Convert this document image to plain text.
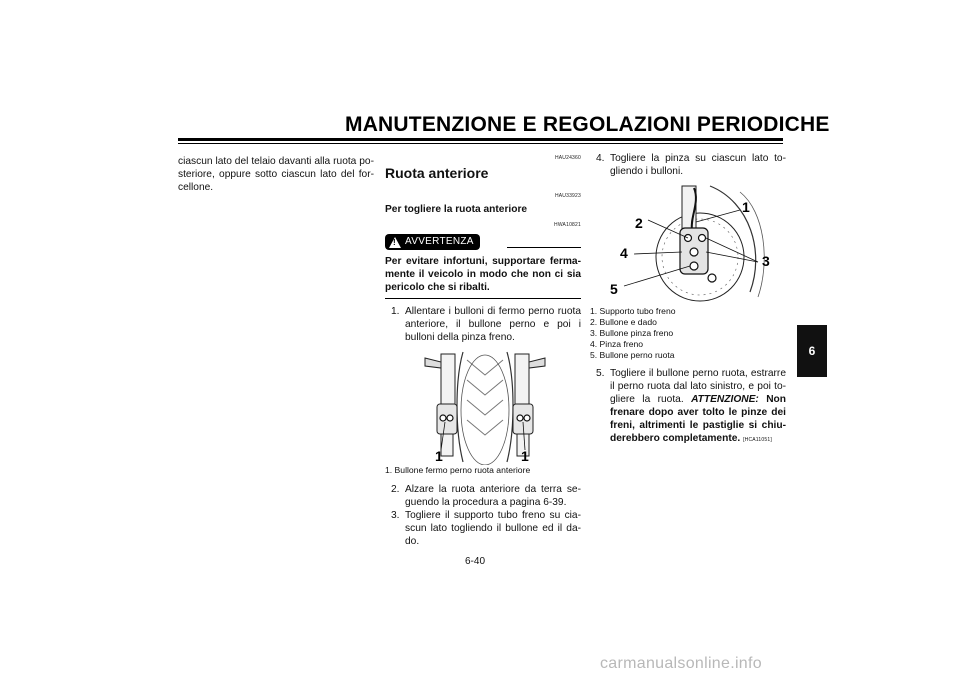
MANUTENZIONE E REGOLAZIONI PERIODICHE
ciascun lato del telaio davanti alla ruota po-steriore, oppure sotto ciascun lato del for-cellone.
HAU24360
Ruota anteriore
HAU33923
Per togliere la ruota anteriore
HWA10821
!
AVVERTENZA
Per evitare infortuni, supportare ferma-mente il veicolo in modo che non ci sia pericolo che si ribalti.
1. Allentare i bulloni di fermo perno ruota anteriore, il bullone perno e poi i bulloni della pinza freno.
1	1
1. Bullone fermo perno ruota anteriore
2. Alzare la ruota anteriore da terra se-guendo la procedura a pagina 6-39.
3. Togliere il supporto tubo freno su cia-scun lato togliendo il bullone ed il da-do.
4. Togliere la pinza su ciascun lato to-gliendo i bulloni.
1
2
3
4
5
1. Supporto tubo freno
2. Bullone e dado
3. Bullone pinza freno
4. Pinza freno
5. Bullone perno ruota
5. Togliere il bullone perno ruota, estrarre il perno ruota dal lato sinistro, e poi to-gliere la ruota. ATTENZIONE: Non frenare dopo aver tolto le pinze dei freni, altrimenti le pastiglie si chiu-derebbero completamente. [HCA11051]
6-40
6
carmanualsonline.info
